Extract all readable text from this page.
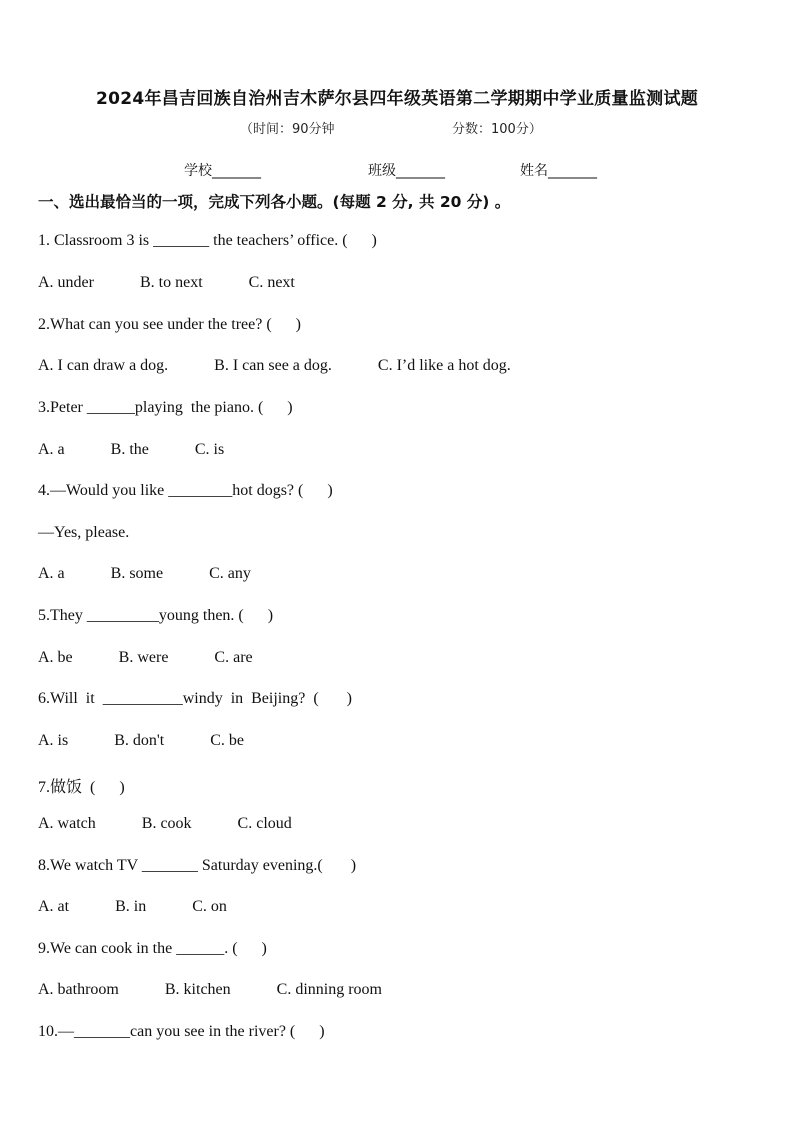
2024年昌吉回族自治州吉木萨尔县四年级英语第二学期期中学业质量监测试题
（时间：90分钟	分数：100分）
学校_______	班级_______	姓名_______
一、选出最恰当的一项，完成下列各小题。(每题 2 分, 共 20 分) 。
1. Classroom 3 is _______ the teachers’ office. (      )
A. under	B. to next	C. next
2.What can you see under the tree? (      )
A. I can draw a dog.	B. I can see a dog.	C. I’d like a hot dog.
3.Peter ______playing  the piano. (      )
A. a	B. the	C. is
4.—Would you like ________hot dogs? (      )
—Yes, please.
A. a	B. some	C. any
5.They _________young then. (      )
A. be	B. were	C. are
6.Will  it  __________windy  in  Beijing?  (       )
A. is	B. don't	C. be
7.做饭  (      )
A. watch	B. cook	C. cloud
8.We watch TV _______ Saturday evening.(       )
A. at	B. in	C. on
9.We can cook in the ______. (      )
A. bathroom	B. kitchen	C. dinning room
10.—_______can you see in the river? (      )
